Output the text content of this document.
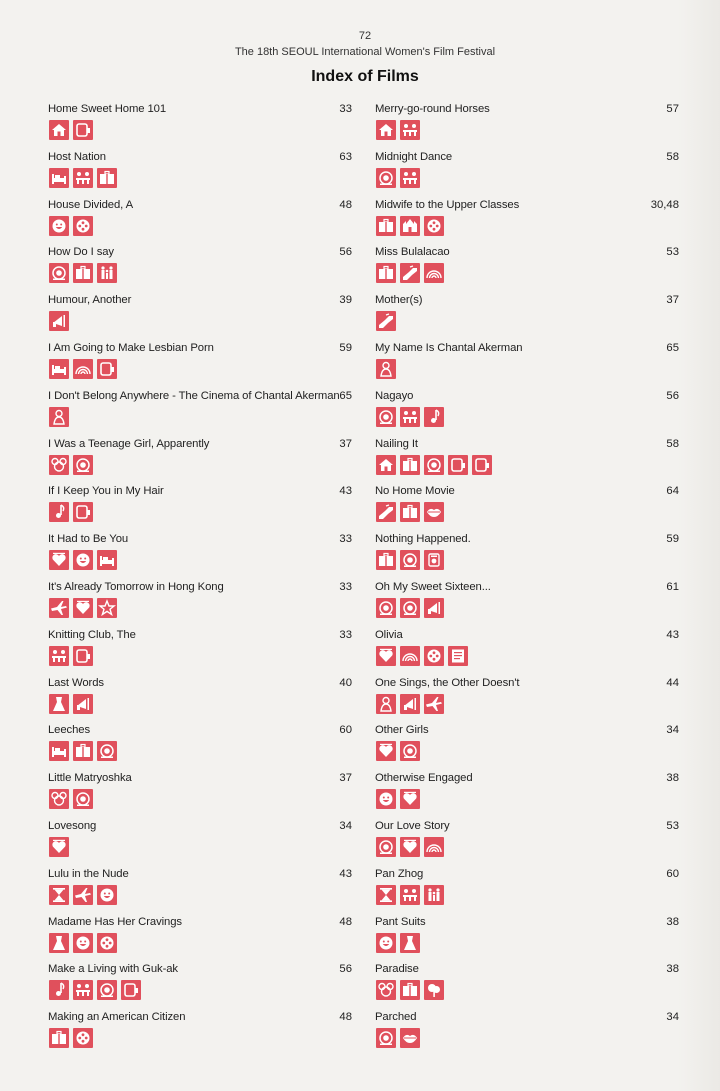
72
The 18th SEOUL International Women's Film Festival
Index of Films
Home Sweet Home 101	33
Host Nation	63
House Divided, A	48
How Do I say	56
Humour, Another	39
I Am Going to Make Lesbian Porn	59
I Don't Belong Anywhere - The Cinema of Chantal Akerman 65
I Was a Teenage Girl, Apparently	37
If I Keep You in My Hair	43
It Had to Be You	33
It's Already Tomorrow in Hong Kong	33
Knitting Club, The	33
Last Words	40
Leeches	60
Little Matryoshka	37
Lovesong	34
Lulu in the Nude	43
Madame Has Her Cravings	48
Make a Living with Guk-ak	56
Making an American Citizen	48
Merry-go-round Horses	57
Midnight Dance	58
Midwife to the Upper Classes	30,48
Miss Bulalacao	53
Mother(s)	37
My Name Is Chantal Akerman	65
Nagayo	56
Nailing It	58
No Home Movie	64
Nothing Happened.	59
Oh My Sweet Sixteen...	61
Olivia	43
One Sings, the Other Doesn't	44
Other Girls	34
Otherwise Engaged	38
Our Love Story	53
Pan Zhog	60
Pant Suits	38
Paradise	38
Parched	34
